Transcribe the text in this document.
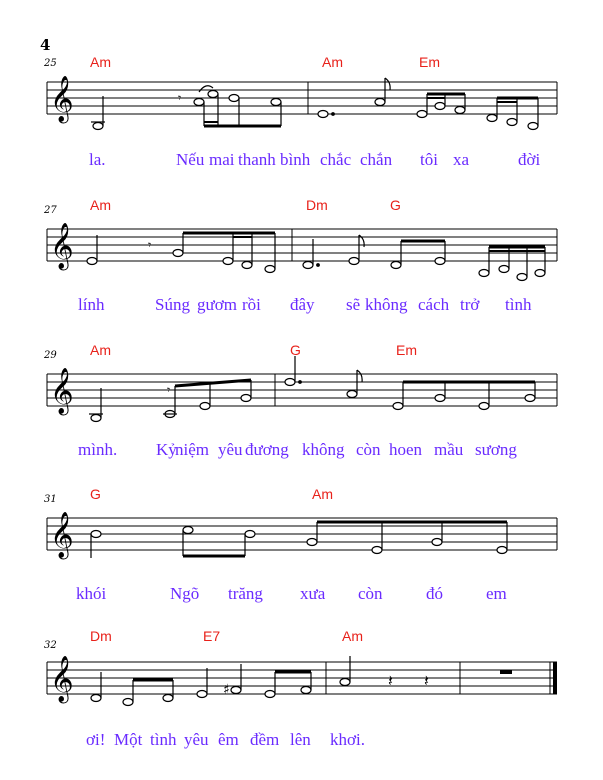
4
Am	Am	Em
25
𝄞	𝄾
la.	Nếu mai thanh bình chắc chắn tôi xa	đời
Am	Dm	G
27
𝄞	𝄾
lính	Súng gươm rồi đây sẽ không cách trở tình
Am	G	Em
29
𝄞	𝄾
mình. Kỷ
niệm yêu đương không còn hoen mầu sương
G	Am
31
𝄞
khói	Ngõ trăng xưa còn	đó	em
Dm	E7	Am
32
𝄞	♯	𝄽 𝄽
ơi! Một tình yêu êm đềm lên khơi.
